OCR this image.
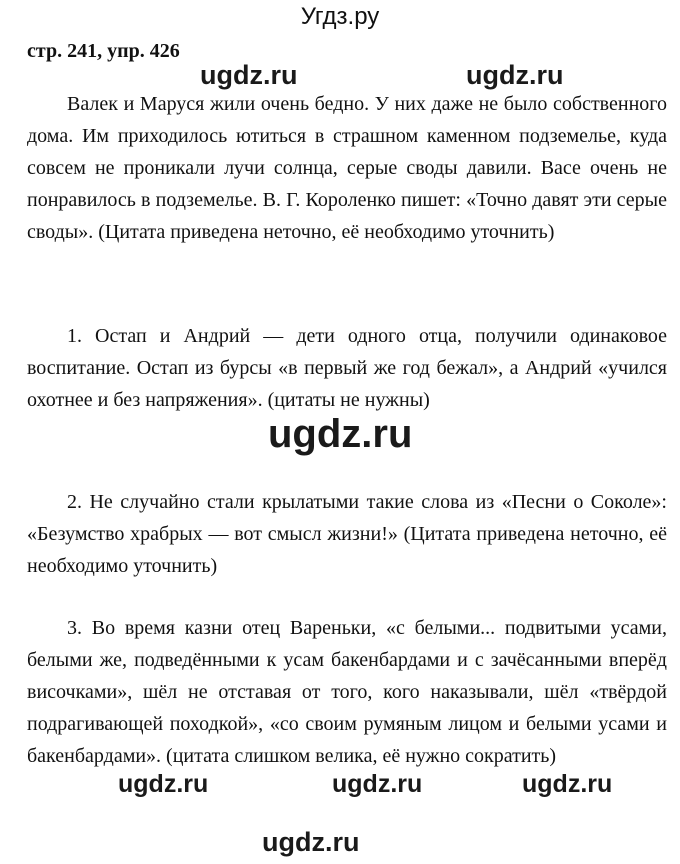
Угдз.ру
стр. 241, упр. 426
ugdz.ru	ugdz.ru

Валек и Маруся жили очень бедно. У них даже не было собственного дома. Им приходилось ютиться в страшном каменном подземелье, куда совсем не проникали лучи солнца, серые своды давили. Васе очень не понравилось в подземелье. В. Г. Короленко пишет: «Точно давят эти серые своды». (Цитата приведена неточно, её необходимо уточнить)

1. Остап и Андрий — дети одного отца, получили одинаковое воспитание. Остап из бурсы «в первый же год бежал», а Андрий «учился охотнее и без напряжения». (цитаты не нужны)

ugdz.ru

2. Не случайно стали крылатыми такие слова из «Песни о Соколе»: «Безумство храбрых — вот смысл жизни!» (Цитата приведена неточно, её необходимо уточнить)

3. Во время казни отец Вареньки, «с белыми... подвитыми усами, белыми же, подведёнными к усам бакенбардами и с зачёсанными вперёд височками», шёл не отставая от того, кого наказывали, шёл «твёрдой подрагивающей походкой», «со своим румяным лицом и белыми усами и бакенбардами». (цитата слишком велика, её нужно сократить)

ugdz.ru	ugdz.ru	ugdz.ru
ugdz.ru
